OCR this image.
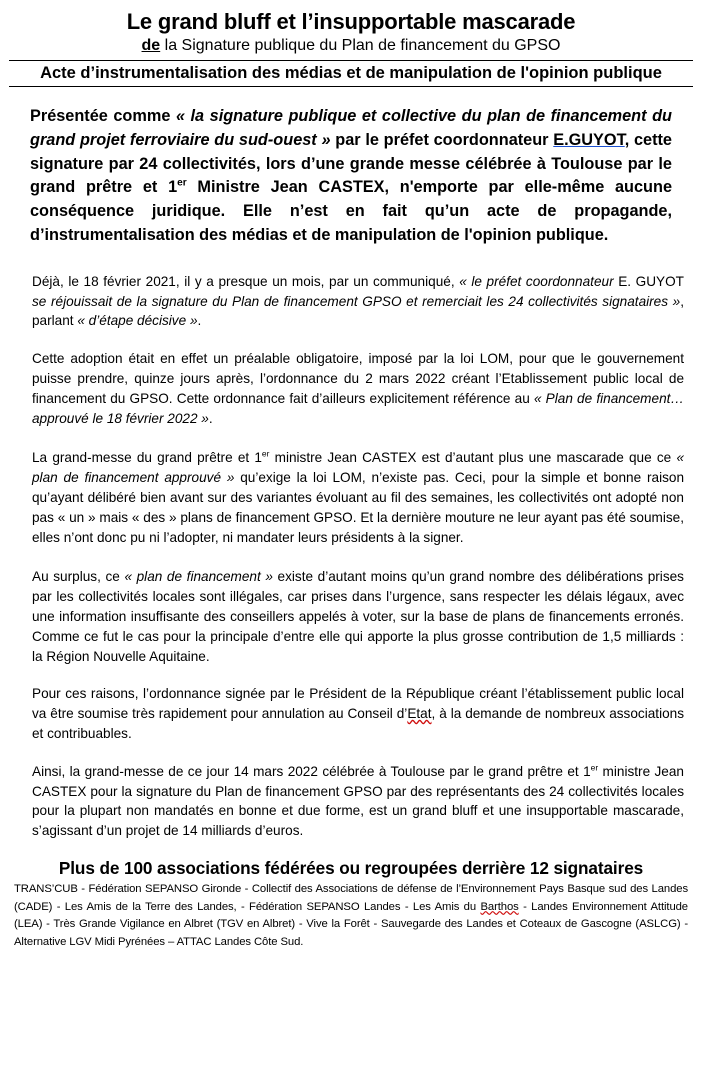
Le grand bluff et l’insupportable mascarade
de la Signature publique du Plan de financement du GPSO
Acte d’instrumentalisation des médias et de manipulation de l'opinion publique
Présentée comme « la signature publique et collective du plan de financement du grand projet ferroviaire du sud-ouest » par le préfet coordonnateur E.GUYOT, cette signature par 24 collectivités, lors d’une grande messe célébrée à Toulouse par le grand prêtre et 1er Ministre Jean CASTEX, n'emporte par elle-même aucune conséquence juridique. Elle n’est en fait qu’un acte de propagande, d’instrumentalisation des médias et de manipulation de l'opinion publique.
Déjà, le 18 février 2021, il y a presque un mois, par un communiqué, « le préfet coordonnateur E. GUYOT se réjouissait de la signature du Plan de financement GPSO et remerciait les 24 collectivités signataires », parlant « d’étape décisive ».
Cette adoption était en effet un préalable obligatoire, imposé par la loi LOM, pour que le gouvernement puisse prendre, quinze jours après, l’ordonnance du 2 mars 2022 créant l’Etablissement public local de financement du GPSO. Cette ordonnance fait d’ailleurs explicitement référence au « Plan de financement…approuvé le 18 février 2022 ».
La grand-messe du grand prêtre et 1er ministre Jean CASTEX est d’autant plus une mascarade que ce « plan de financement approuvé » qu’exige la loi LOM, n’existe pas. Ceci, pour la simple et bonne raison qu’ayant délibéré bien avant sur des variantes évoluant au fil des semaines, les collectivités ont adopté non pas « un » mais « des » plans de financement GPSO. Et la dernière mouture ne leur ayant pas été soumise, elles n’ont donc pu ni l’adopter, ni mandater leurs présidents à la signer.
Au surplus, ce « plan de financement » existe d’autant moins qu’un grand nombre des délibérations prises par les collectivités locales sont illégales, car prises dans l’urgence, sans respecter les délais légaux, avec une information insuffisante des conseillers appelés à voter, sur la base de plans de financements erronés. Comme ce fut le cas pour la principale d’entre elle qui apporte la plus grosse contribution de 1,5 milliards : la Région Nouvelle Aquitaine.
Pour ces raisons, l’ordonnance signée par le Président de la République créant l’établissement public local va être soumise très rapidement pour annulation au Conseil d’Etat, à la demande de nombreux associations et contribuables.
Ainsi, la grand-messe de ce jour 14 mars 2022 célébrée à Toulouse par le grand prêtre et 1er ministre Jean CASTEX pour la signature du Plan de financement GPSO par des représentants des 24 collectivités locales pour la plupart non mandatés en bonne et due forme, est un grand bluff et une insupportable mascarade, s’agissant d’un projet de 14 milliards d’euros.
Plus de 100 associations fédérées ou regroupées derrière 12 signataires
TRANS’CUB - Fédération SEPANSO Gironde - Collectif des Associations de défense de l’Environnement Pays Basque sud des Landes (CADE) - Les Amis de la Terre des Landes, - Fédération SEPANSO Landes - Les Amis du Barthos - Landes Environnement Attitude (LEA) - Très Grande Vigilance en Albret (TGV en Albret) - Vive la Forêt - Sauvegarde des Landes et Coteaux de Gascogne (ASLCG) - Alternative LGV Midi Pyrénées – ATTAC Landes Côte Sud.
